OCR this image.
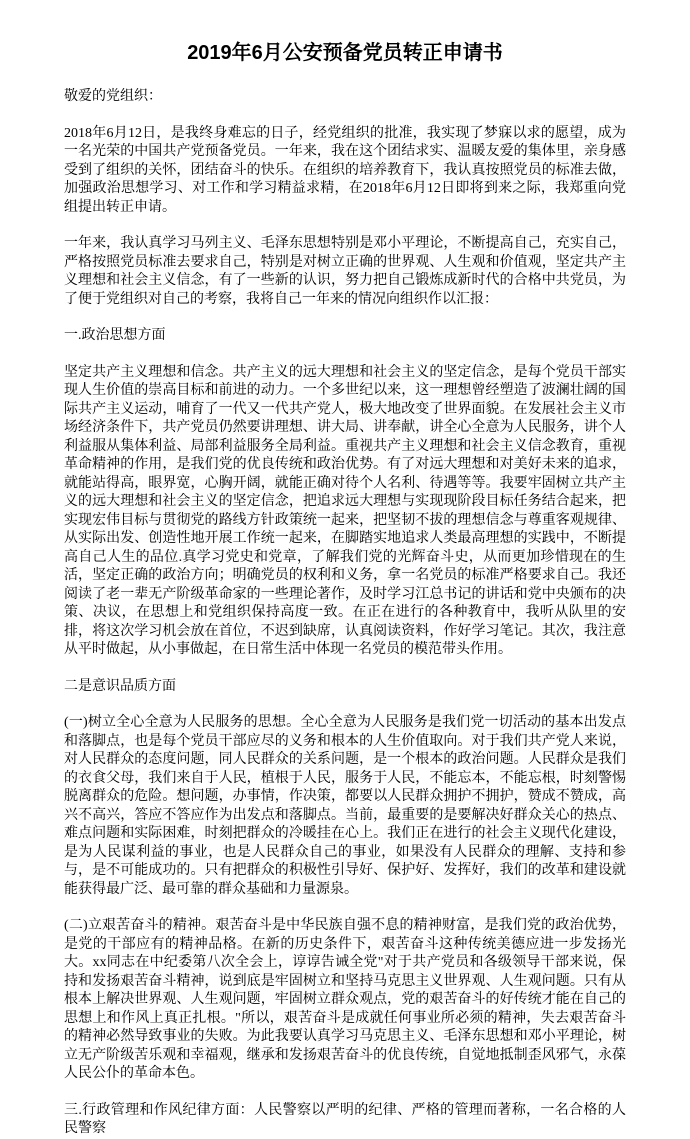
2019年6月公安预备党员转正申请书

敬爱的党组织：

2018年6月12日，是我终身难忘的日子，经党组织的批准，我实现了梦寐以求的愿望，成为一名光荣的中国共产党预备党员。一年来，我在这个团结求实、温暖友爱的集体里，亲身感受到了组织的关怀，团结奋斗的快乐。在组织的培养教育下，我认真按照党员的标准去做，加强政治思想学习、对工作和学习精益求精，在2018年6月12日即将到来之际，我郑重向党组提出转正申请。

一年来，我认真学习马列主义、毛泽东思想特别是邓小平理论，不断提高自己，充实自己，严格按照党员标准去要求自己，特别是对树立正确的世界观、人生观和价值观，坚定共产主义理想和社会主义信念，有了一些新的认识，努力把自己锻炼成新时代的合格中共党员，为了便于党组织对自己的考察，我将自己一年来的情况向组织作以汇报：

一.政治思想方面

坚定共产主义理想和信念。共产主义的远大理想和社会主义的坚定信念，是每个党员干部实现人生价值的崇高目标和前进的动力。一个多世纪以来，这一理想曾经塑造了波澜壮阔的国际共产主义运动，哺育了一代又一代共产党人，极大地改变了世界面貌。在发展社会主义市场经济条件下，共产党员仍然要讲理想、讲大局、讲奉献，讲全心全意为人民服务，讲个人利益服从集体利益、局部利益服务全局利益。重视共产主义理想和社会主义信念教育，重视革命精神的作用，是我们党的优良传统和政治优势。有了对远大理想和对美好未来的追求，就能站得高，眼界宽，心胸开阔，就能正确对待个人名利、待遇等等。我要牢固树立共产主义的远大理想和社会主义的坚定信念，把追求远大理想与实现现阶段目标任务结合起来，把实现宏伟目标与贯彻党的路线方针政策统一起来，把坚韧不拔的理想信念与尊重客观规律、从实际出发、创造性地开展工作统一起来，在脚踏实地追求人类最高理想的实践中，不断提高自己人生的品位.真学习党史和党章，了解我们党的光辉奋斗史，从而更加珍惜现在的生活，坚定正确的政治方向；明确党员的权利和义务，拿一名党员的标准严格要求自己。我还阅读了老一辈无产阶级革命家的一些理论著作，及时学习江总书记的讲话和党中央颁布的决策、决议，在思想上和党组织保持高度一致。在正在进行的各种教育中，我听从队里的安排，将这次学习机会放在首位，不迟到缺席，认真阅读资料，作好学习笔记。其次，我注意从平时做起，从小事做起，在日常生活中体现一名党员的模范带头作用。

二是意识品质方面

(一)树立全心全意为人民服务的思想。全心全意为人民服务是我们党一切活动的基本出发点和落脚点，也是每个党员干部应尽的义务和根本的人生价值取向。对于我们共产党人来说，对人民群众的态度问题，同人民群众的关系问题，是一个根本的政治问题。人民群众是我们的衣食父母，我们来自于人民，植根于人民，服务于人民，不能忘本，不能忘根，时刻警惕脱离群众的危险。想问题，办事情，作决策，都要以人民群众拥护不拥护，赞成不赞成，高兴不高兴，答应不答应作为出发点和落脚点。当前，最重要的是要解决好群众关心的热点、难点问题和实际困难，时刻把群众的冷暖挂在心上。我们正在进行的社会主义现代化建设，是为人民谋利益的事业，也是人民群众自己的事业，如果没有人民群众的理解、支持和参与，是不可能成功的。只有把群众的积极性引导好、保护好、发挥好，我们的改革和建设就能获得最广泛、最可靠的群众基础和力量源泉。

(二)立艰苦奋斗的精神。艰苦奋斗是中华民族自强不息的精神财富，是我们党的政治优势，是党的干部应有的精神品格。在新的历史条件下，艰苦奋斗这种传统美德应进一步发扬光大。xx同志在中纪委第八次全会上，谆谆告诫全党"对于共产党员和各级领导干部来说，保持和发扬艰苦奋斗精神，说到底是牢固树立和坚持马克思主义世界观、人生观问题。只有从根本上解决世界观、人生观问题，牢固树立群众观点，党的艰苦奋斗的好传统才能在自己的思想上和作风上真正扎根。"所以，艰苦奋斗是成就任何事业所必须的精神，失去艰苦奋斗的精神必然导致事业的失败。为此我要认真学习马克思主义、毛泽东思想和邓小平理论，树立无产阶级苦乐观和幸福观，继承和发扬艰苦奋斗的优良传统，自觉地抵制歪风邪气，永葆人民公仆的革命本色。

三.行政管理和作风纪律方面：人民警察以严明的纪律、严格的管理而著称，一名合格的人民警察
